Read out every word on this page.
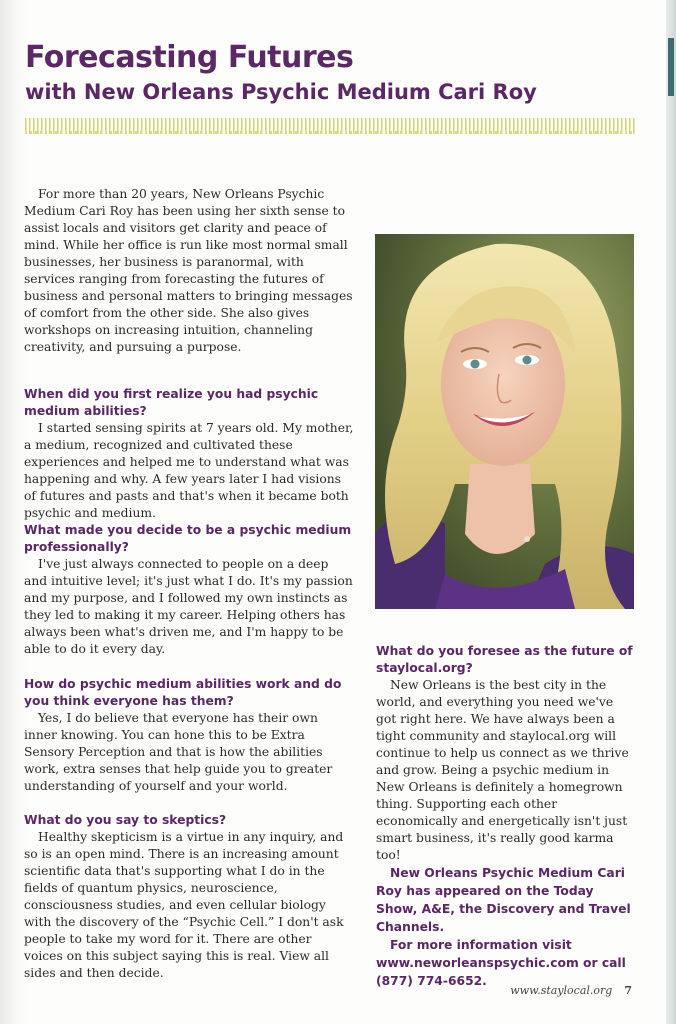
Forecasting Futures
with New Orleans Psychic Medium Cari Roy

For more than 20 years, New Orleans Psychic Medium Cari Roy has been using her sixth sense to assist locals and visitors get clarity and peace of mind. While her office is run like most normal small businesses, her business is paranormal, with services ranging from forecasting the futures of business and personal matters to bringing messages of comfort from the other side. She also gives workshops on increasing intuition, channeling creativity, and pursuing a purpose.

When did you first realize you had psychic medium abilities?

I started sensing spirits at 7 years old. My mother, a medium, recognized and cultivated these experiences and helped me to understand what was happening and why. A few years later I had visions of futures and pasts and that's when it became both psychic and medium.

What made you decide to be a psychic medium professionally?

I've just always connected to people on a deep and intuitive level; it's just what I do. It's my passion and my purpose, and I followed my own instincts as they led to making it my career. Helping others has always been what's driven me, and I'm happy to be able to do it every day.

How do psychic medium abilities work and do you think everyone has them?

Yes, I do believe that everyone has their own inner knowing. You can hone this to be Extra Sensory Perception and that is how the abilities work, extra senses that help guide you to greater understanding of yourself and your world.

What do you say to skeptics?

Healthy skepticism is a virtue in any inquiry, and so is an open mind. There is an increasing amount scientific data that's supporting what I do in the fields of quantum physics, neuroscience, consciousness studies, and even cellular biology with the discovery of the “Psychic Cell.” I don't ask people to take my word for it. There are other voices on this subject saying this is real. View all sides and then decide.

What do you foresee as the future of staylocal.org?

New Orleans is the best city in the world, and everything you need we've got right here. We have always been a tight community and staylocal.org will continue to help us connect as we thrive and grow. Being a psychic medium in New Orleans is definitely a homegrown thing. Supporting each other economically and energetically isn't just smart business, it's really good karma too!

New Orleans Psychic Medium Cari Roy has appeared on the Today Show, A&E, the Discovery and Travel Channels.

For more information visit www.neworleanspsychic.com or call (877) 774-6652.

www.staylocal.org 7
